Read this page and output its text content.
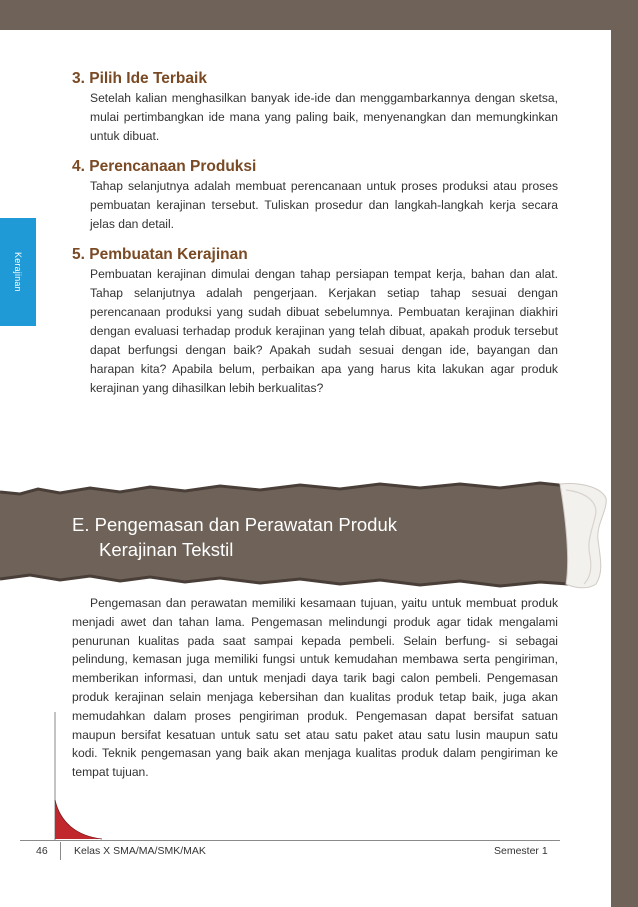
Kerajinan
3. Pilih Ide Terbaik

Setelah kalian menghasilkan banyak ide-ide dan menggambarkannya dengan sketsa, mulai pertimbangkan ide mana yang paling baik, menyenangkan dan memungkinkan untuk dibuat.

4. Perencanaan Produksi

Tahap selanjutnya adalah membuat perencanaan untuk proses produksi atau proses pembuatan kerajinan tersebut. Tuliskan prosedur dan langkah-langkah kerja secara jelas dan detail.

5. Pembuatan Kerajinan

Pembuatan kerajinan dimulai dengan tahap persiapan tempat kerja, bahan dan alat. Tahap selanjutnya adalah pengerjaan. Kerjakan setiap tahap sesuai dengan perencanaan produksi yang sudah dibuat sebelumnya. Pembuatan kerajinan diakhiri dengan evaluasi terhadap produk kerajinan yang telah dibuat, apakah produk tersebut dapat berfungsi dengan baik? Apakah sudah sesuai dengan ide, bayangan dan harapan kita? Apabila belum, perbaikan apa yang harus kita lakukan agar produk kerajinan yang dihasilkan lebih berkualitas?

E. Pengemasan dan Perawatan Produk
Kerajinan Tekstil

Pengemasan dan perawatan memiliki kesamaan tujuan, yaitu untuk membuat produk menjadi awet dan tahan lama. Pengemasan melindungi produk agar tidak mengalami penurunan kualitas pada saat sampai kepada pembeli. Selain berfung- si sebagai pelindung, kemasan juga memiliki fungsi untuk kemudahan membawa serta pengiriman, memberikan informasi, dan untuk menjadi daya tarik bagi calon pembeli. Pengemasan produk kerajinan selain menjaga kebersihan dan kualitas produk tetap baik, juga akan memudahkan dalam proses pengiriman produk. Pengemasan dapat bersifat satuan maupun bersifat kesatuan untuk satu set atau satu paket atau satu lusin maupun satu kodi. Teknik pengemasan yang baik akan menjaga kualitas produk dalam pengiriman ke tempat tujuan.

46	Kelas X SMA/MA/SMK/MAK	Semester 1
